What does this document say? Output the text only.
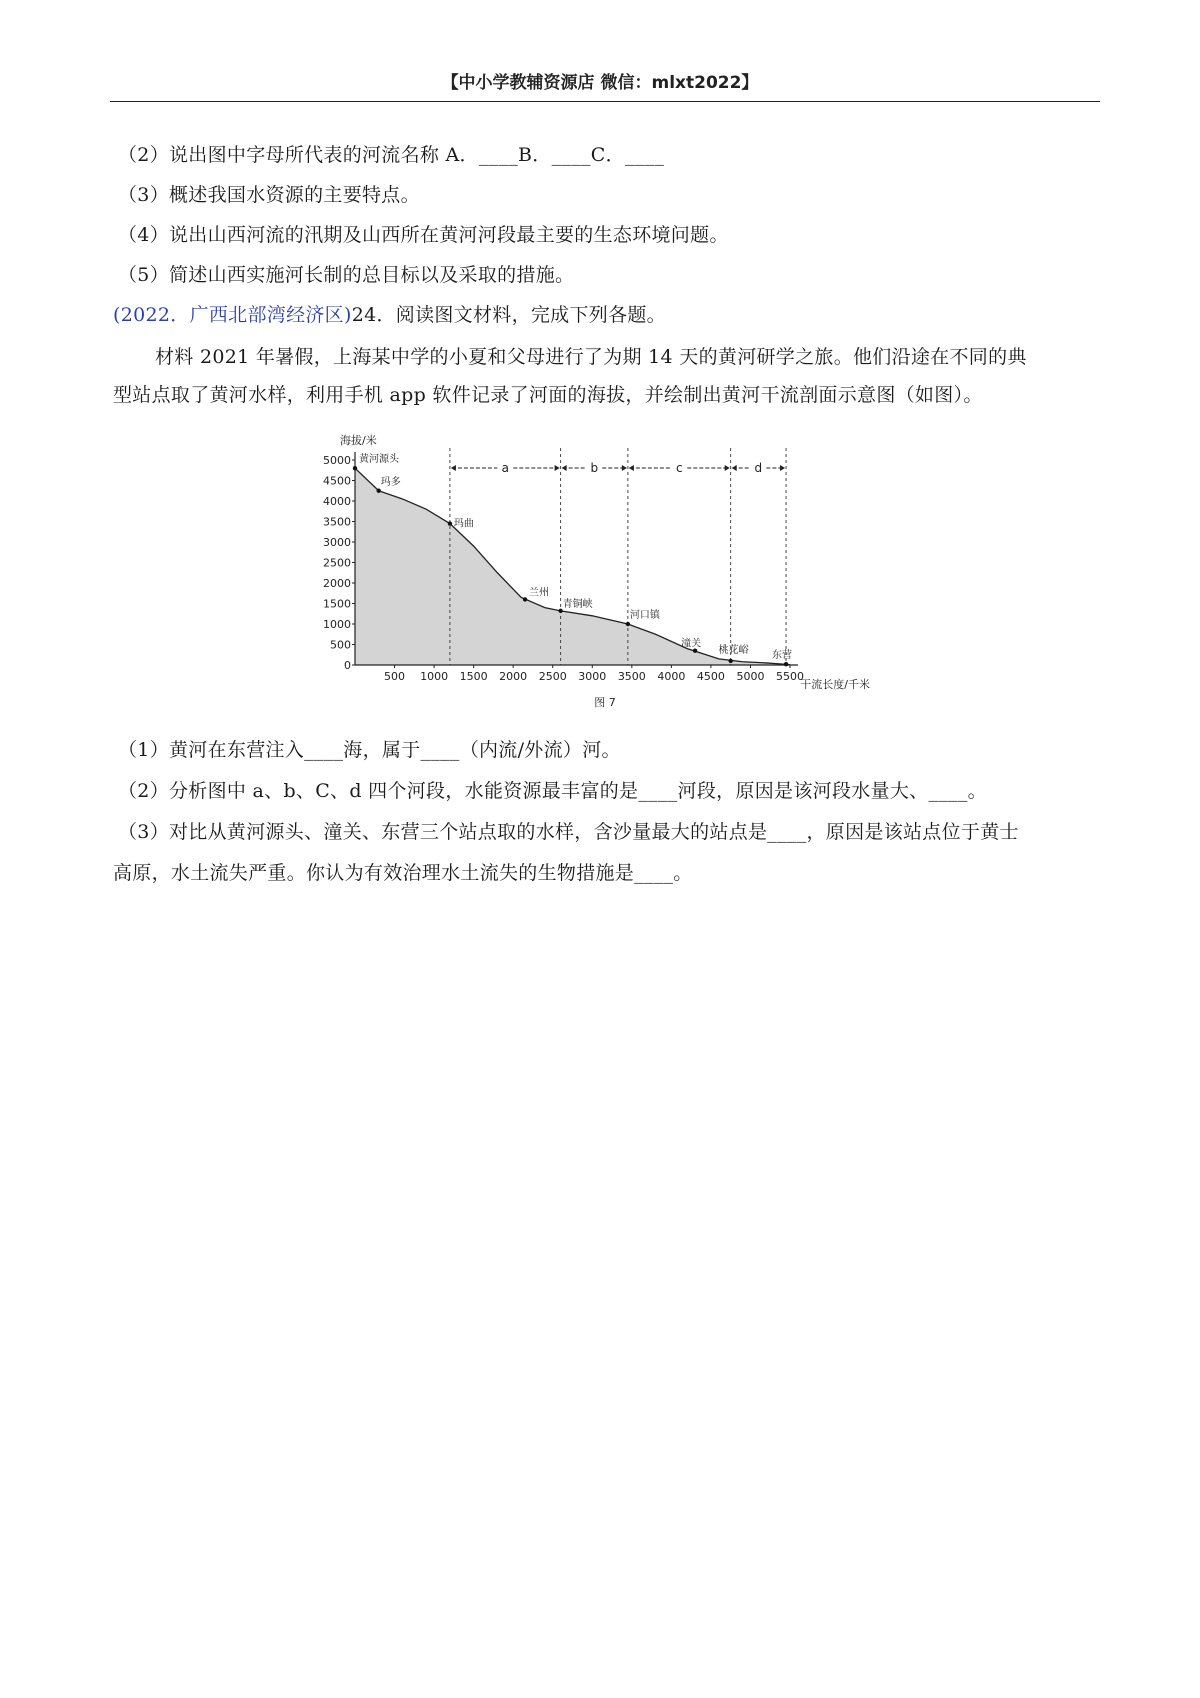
【中小学教辅资源店 微信：mlxt2022】
（2）说出图中字母所代表的河流名称 A．____B．____C．____
（3）概述我国水资源的主要特点。
（4）说出山西河流的汛期及山西所在黄河河段最主要的生态环境问题。
（5）简述山西实施河长制的总目标以及采取的措施。
(2022．广西北部湾经济区)24．阅读图文材料，完成下列各题。
材料 2021 年暑假，上海某中学的小夏和父母进行了为期 14 天的黄河研学之旅。他们沿途在不同的典
型站点取了黄河水样，利用手机 app 软件记录了河面的海拔，并绘制出黄河干流剖面示意图（如图）。
海拔/米
0
500
1000
1500
2000
2500
3000
3500
4000
4500
5000
500 1000 1500 2000 2500 3000 3500 4000 4500 5000 5500
a	b	c	d
黄河源头
玛多
玛曲
兰州
青铜峡
河口镇
潼关
桃花峪 东营
干流长度/千米
图 7
（1）黄河在东营注入____海，属于____（内流/外流）河。
（2）分析图中 a、b、C、d 四个河段，水能资源最丰富的是____河段，原因是该河段水量大、____。
（3）对比从黄河源头、潼关、东营三个站点取的水样，含沙量最大的站点是____，原因是该站点位于黄士
高原，水土流失严重。你认为有效治理水土流失的生物措施是____。
